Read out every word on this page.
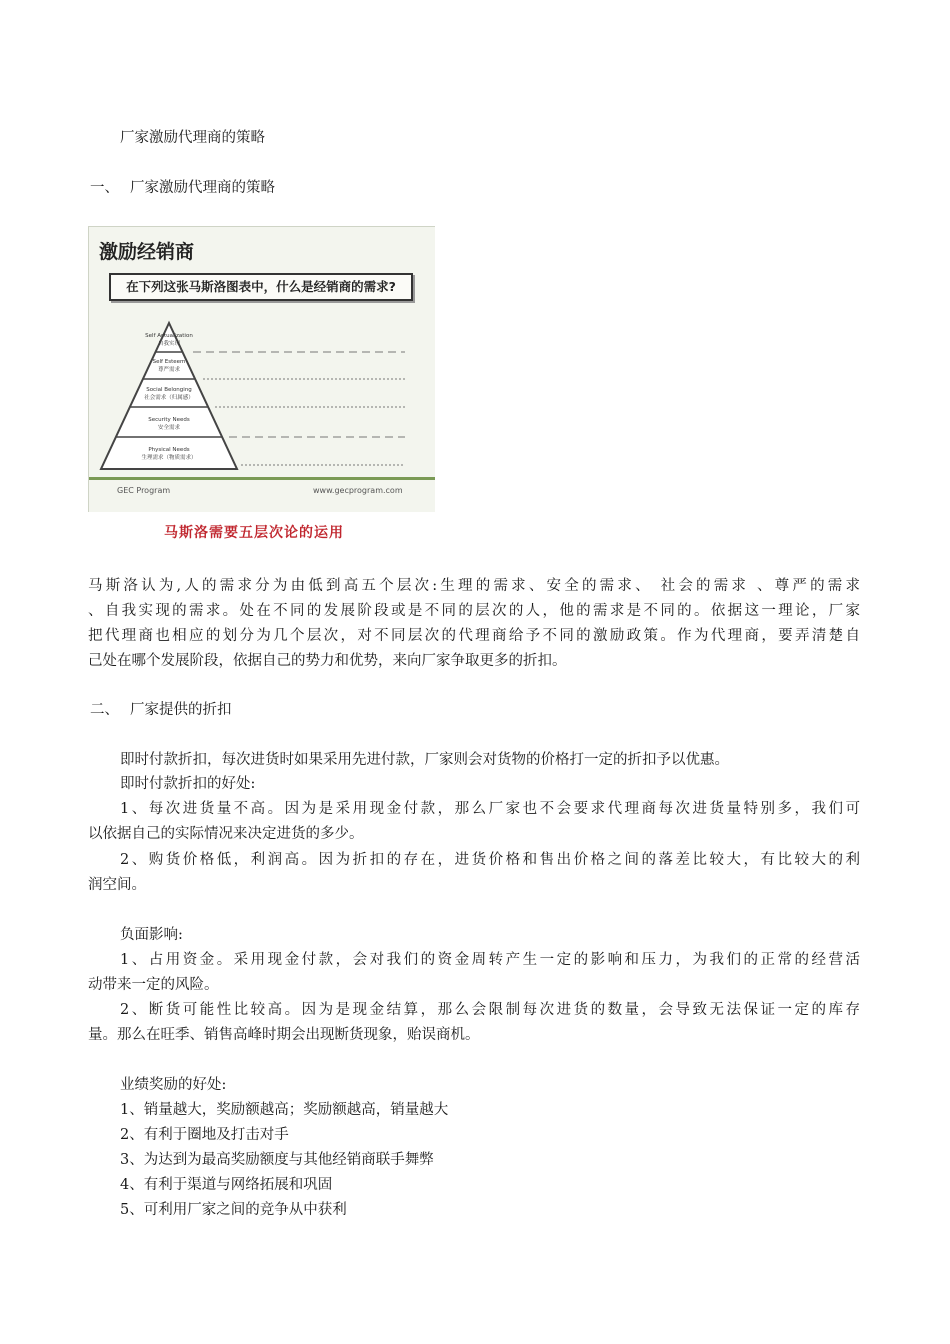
厂家激励代理商的策略
一、 厂家激励代理商的策略
激励经销商
在下列这张马斯洛图表中，什么是经销商的需求?
Self Actualization
自我实现
Self Esteem
尊严需求
Social Belonging
社会需求（归属感）
Security Needs
安全需求
Physical Needs
生理需求（物质需求）
GEC Program	www.gecprogram.com
马斯洛需要五层次论的运用
马斯洛认为,人的需求分为由低到高五个层次:生理的需求、安全的需求、 社会的需求 、尊严的需求
、自我实现的需求。处在不同的发展阶段或是不同的层次的人，他的需求是不同的。依据这一理论，厂家
把代理商也相应的划分为几个层次，对不同层次的代理商给予不同的激励政策。作为代理商，要弄清楚自
己处在哪个发展阶段，依据自己的势力和优势，来向厂家争取更多的折扣。
二、 厂家提供的折扣
即时付款折扣，每次进货时如果采用先进付款，厂家则会对货物的价格打一定的折扣予以优惠。
即时付款折扣的好处:
1、每次进货量不高。因为是采用现金付款，那么厂家也不会要求代理商每次进货量特别多，我们可
以依据自己的实际情况来决定进货的多少。
2、购货价格低，利润高。因为折扣的存在，进货价格和售出价格之间的落差比较大，有比较大的利
润空间。
负面影响:
1、占用资金。采用现金付款，会对我们的资金周转产生一定的影响和压力，为我们的正常的经营活
动带来一定的风险。
2、断货可能性比较高。因为是现金结算，那么会限制每次进货的数量，会导致无法保证一定的库存
量。那么在旺季、销售高峰时期会出现断货现象，贻误商机。
业绩奖励的好处:
1、销量越大，奖励额越高；奖励额越高，销量越大
2、有利于圈地及打击对手
3、为达到为最高奖励额度与其他经销商联手舞弊
4、有利于渠道与网络拓展和巩固
5、可利用厂家之间的竞争从中获利
